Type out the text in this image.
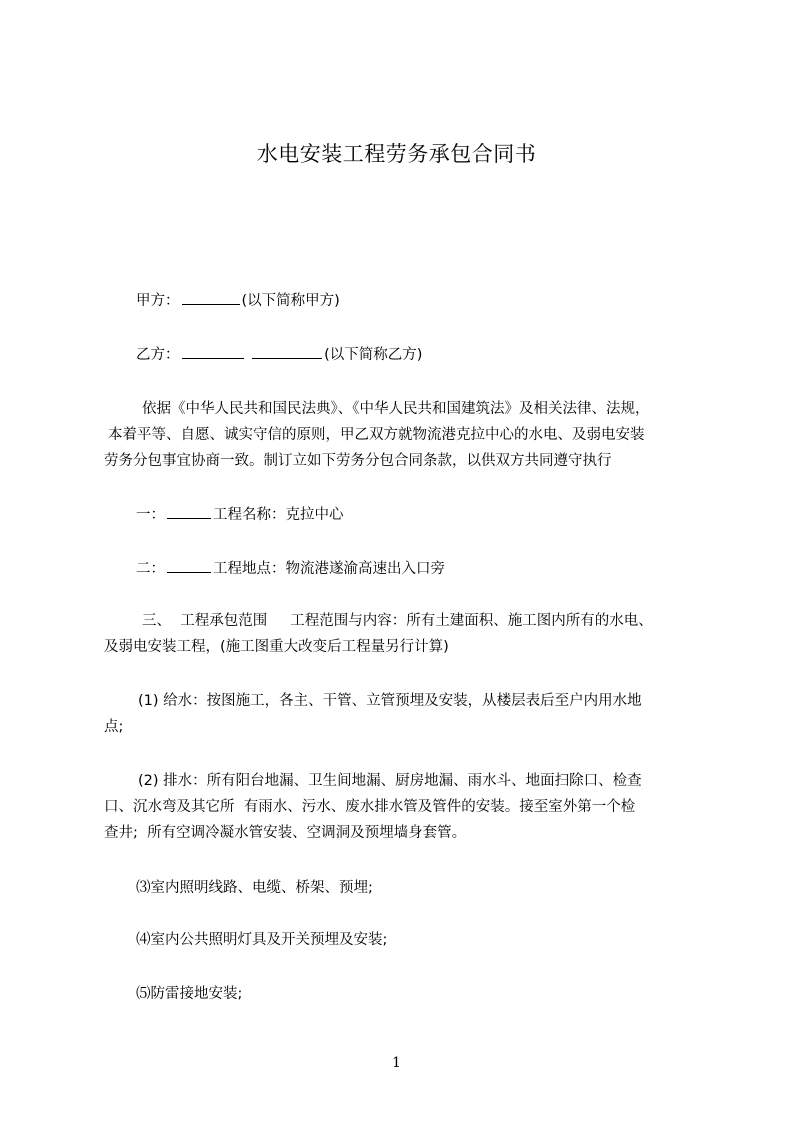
水电安装工程劳务承包合同书
甲方：	(以下简称甲方)
乙方：	(以下简称乙方)
依据《中华人民共和国民法典》、《中华人民共和国建筑法》及相关法律、法规，
本着平等、自愿、诚实守信的原则，甲乙双方就物流港克拉中心的水电、及弱电安装
劳务分包事宜协商一致。制订立如下劳务分包合同条款，以供双方共同遵守执行
一：	工程名称：克拉中心
二：	工程地点：物流港遂渝高速出入口旁
三、  工程承包范围     工程范围与内容：所有土建面积、施工图内所有的水电、
及弱电安装工程，(施工图重大改变后工程量另行计算)
(1) 给水：按图施工，各主、干管、立管预埋及安装，从楼层表后至户内用水地
点;
(2) 排水：所有阳台地漏、卫生间地漏、厨房地漏、雨水斗、地面扫除口、检查
口、沉水弯及其它所  有雨水、污水、废水排水管及管件的安装。接至室外第一个检
查井;  所有空调冷凝水管安装、空调洞及预埋墙身套管。
⑶室内照明线路、电缆、桥架、预埋;
⑷室内公共照明灯具及开关预埋及安装;
⑸防雷接地安装;
1
